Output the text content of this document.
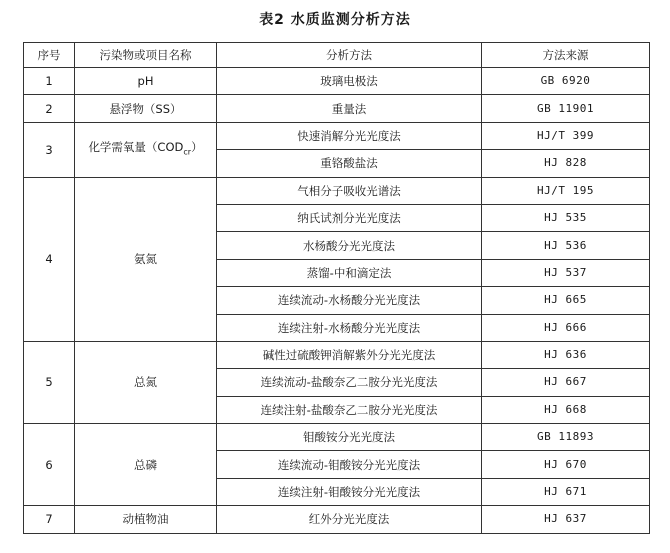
表2 水质监测分析方法
序号	污染物或项目名称	分析方法	方法来源
1	pH	玻璃电极法	GB 6920
2	悬浮物（SS）	重量法	GB 11901
3	化学需氧量$(COD_{cr})$	快速消解分光光度法	HJ/T 399
		重铬酸盐法	HJ 828
4	氨氮	气相分子吸收光谱法	HJ/T 195
		纳氏试剂分光光度法	HJ 535
		水杨酸分光光度法	HJ 536
		蒸馏-中和滴定法	HJ 537
		连续流动-水杨酸分光光度法	HJ 665
		连续注射-水杨酸分光光度法	HJ 666
5	总氮	碱性过硫酸钾消解紫外分光光度法	HJ 636
		连续流动-盐酸奈乙二胺分光光度法	HJ 667
		连续注射-盐酸奈乙二胺分光光度法	HJ 668
6	总磷	钼酸铵分光光度法	GB 11893
		连续流动-钼酸铵分光光度法	HJ 670
		连续注射-钼酸铵分光光度法	HJ 671
7	动植物油	红外分光光度法	HJ 637
